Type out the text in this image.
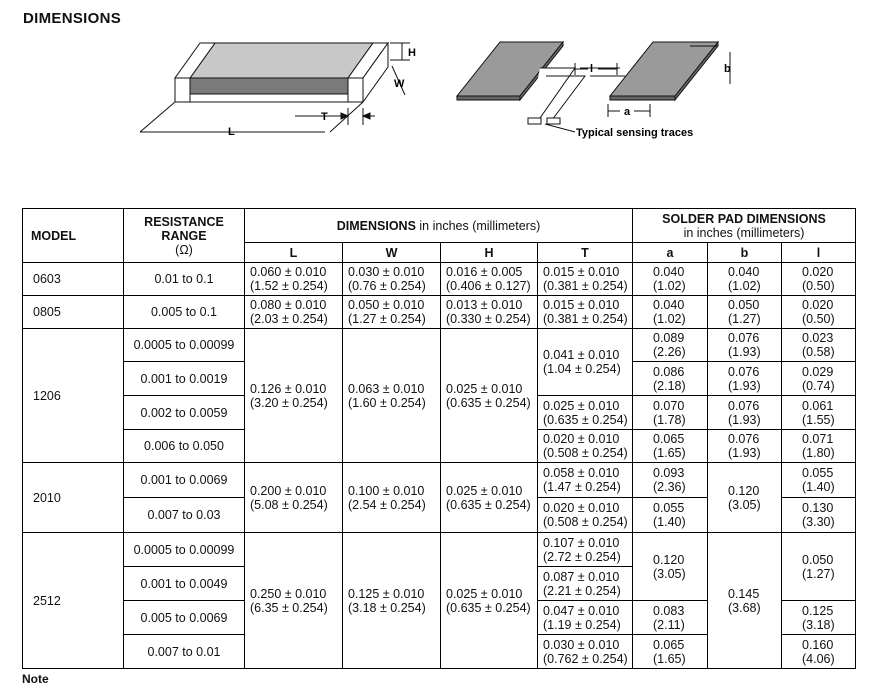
DIMENSIONS
H
W
T
L
l
a
b
Typical sensing traces
MODEL	RESISTANCE
RANGE
(Ω)	DIMENSIONS in inches (millimeters)				SOLDER PAD DIMENSIONS
in inches (millimeters)		

		L	W	H	T	a	b	l
0603	0.01 to 0.1	0.060 ± 0.010
(1.52 ± 0.254)	0.030 ± 0.010
(0.76 ± 0.254)	0.016 ± 0.005
(0.406 ± 0.127)	0.015 ± 0.010
(0.381 ± 0.254)	0.040
(1.02)	0.040
(1.02)	0.020
(0.50)

0805	0.005 to 0.1	0.080 ± 0.010
(2.03 ± 0.254)	0.050 ± 0.010
(1.27 ± 0.254)	0.013 ± 0.010
(0.330 ± 0.254)	0.015 ± 0.010
(0.381 ± 0.254)	0.040
(1.02)	0.050
(1.27)	0.020
(0.50)

1206	0.0005 to 0.00099	0.126 ± 0.010
(3.20 ± 0.254)	0.063 ± 0.010
(1.60 ± 0.254)	0.025 ± 0.010
(0.635 ± 0.254)	0.041 ± 0.010
(1.04 ± 0.254)	0.089
(2.26)	0.076
(1.93)	0.023
(0.58)

	0.001 to 0.0019					0.086
(2.18)	0.076
(1.93)	0.029
(0.74)

	0.002 to 0.0059				0.025 ± 0.010
(0.635 ± 0.254)	0.070
(1.78)	0.076
(1.93)	0.061
(1.55)

	0.006 to 0.050				0.020 ± 0.010
(0.508 ± 0.254)	0.065
(1.65)	0.076
(1.93)	0.071
(1.80)

2010	0.001 to 0.0069	0.200 ± 0.010
(5.08 ± 0.254)	0.100 ± 0.010
(2.54 ± 0.254)	0.025 ± 0.010
(0.635 ± 0.254)	0.058 ± 0.010
(1.47 ± 0.254)	0.093
(2.36)	0.120
(3.05)	0.055
(1.40)

	0.007 to 0.03				0.020 ± 0.010
(0.508 ± 0.254)	0.055
(1.40)		0.130
(3.30)

2512	0.0005 to 0.00099	0.250 ± 0.010
(6.35 ± 0.254)	0.125 ± 0.010
(3.18 ± 0.254)	0.025 ± 0.010
(0.635 ± 0.254)	0.107 ± 0.010
(2.72 ± 0.254)	0.120
(3.05)	0.145
(3.68)	0.050
(1.27)

	0.001 to 0.0049				0.087 ± 0.010
(2.21 ± 0.254)			

	0.005 to 0.0069				0.047 ± 0.010
(1.19 ± 0.254)	0.083
(2.11)		0.125
(3.18)

	0.007 to 0.01				0.030 ± 0.010
(0.762 ± 0.254)	0.065
(1.65)		0.160
(4.06)
Note
